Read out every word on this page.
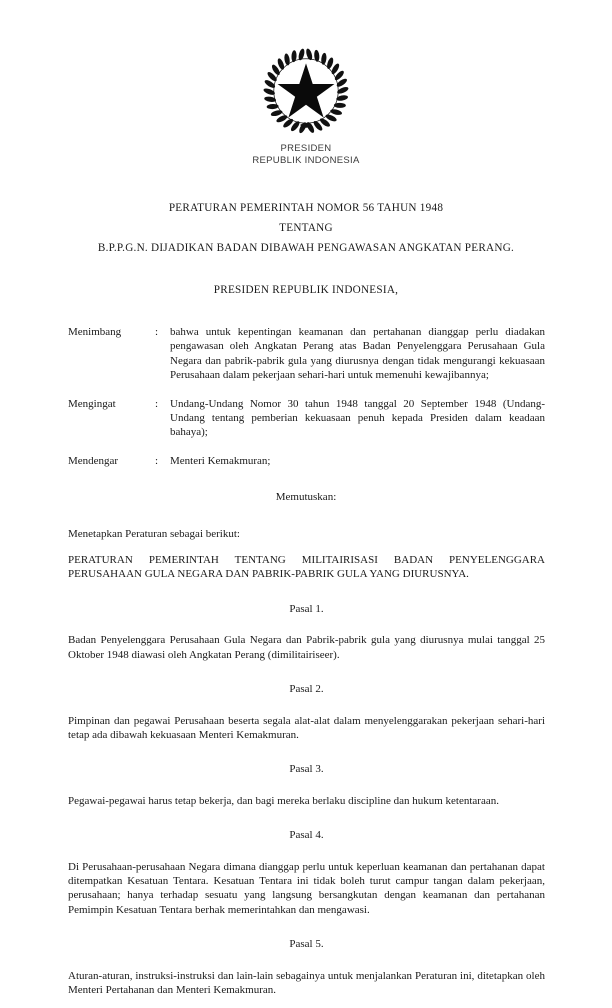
PRESIDEN
REPUBLIK INDONESIA
PERATURAN PEMERINTAH NOMOR 56 TAHUN 1948
TENTANG
B.P.P.G.N. DIJADIKAN BADAN DIBAWAH PENGAWASAN ANGKATAN PERANG.
PRESIDEN REPUBLIK INDONESIA,
Menimbang	:	bahwa untuk kepentingan keamanan dan pertahanan dianggap perlu diadakan pengawasan oleh Angkatan Perang atas Badan Penyelenggara Perusahaan Gula Negara dan pabrik-pabrik gula yang diurusnya dengan tidak mengurangi kekuasaan Perusahaan dalam pekerjaan sehari-hari untuk memenuhi kewajibannya;
Mengingat	:	Undang-Undang Nomor 30 tahun 1948 tanggal 20 September 1948 (Undang-Undang tentang pemberian kekuasaan penuh kepada Presiden dalam keadaan bahaya);
Mendengar	:	Menteri Kemakmuran;
Memutuskan:

Menetapkan Peraturan sebagai berikut:

PERATURAN PEMERINTAH TENTANG MILITAIRISASI BADAN PENYELENGGARA PERUSAHAAN GULA NEGARA DAN PABRIK-PABRIK GULA YANG DIURUSNYA.

Pasal 1.

Badan Penyelenggara Perusahaan Gula Negara dan Pabrik-pabrik gula yang diurusnya mulai tanggal 25 Oktober 1948 diawasi oleh Angkatan Perang (dimilitairiseer).

Pasal 2.

Pimpinan dan pegawai Perusahaan beserta segala alat-alat dalam menyelenggarakan pekerjaan sehari-hari tetap ada dibawah kekuasaan Menteri Kemakmuran.

Pasal 3.

Pegawai-pegawai harus tetap bekerja, dan bagi mereka berlaku discipline dan hukum ketentaraan.

Pasal 4.

Di Perusahaan-perusahaan Negara dimana dianggap perlu untuk keperluan keamanan dan pertahanan dapat ditempatkan Kesatuan Tentara. Kesatuan Tentara ini tidak boleh turut campur tangan dalam pekerjaan, perusahaan; hanya terhadap sesuatu yang langsung bersangkutan dengan keamanan dan pertahanan Pemimpin Kesatuan Tentara berhak memerintahkan dan mengawasi.

Pasal 5.

Aturan-aturan, instruksi-instruksi dan lain-lain sebagainya untuk menjalankan Peraturan ini, ditetapkan oleh Menteri Pertahanan dan Menteri Kemakmuran.
